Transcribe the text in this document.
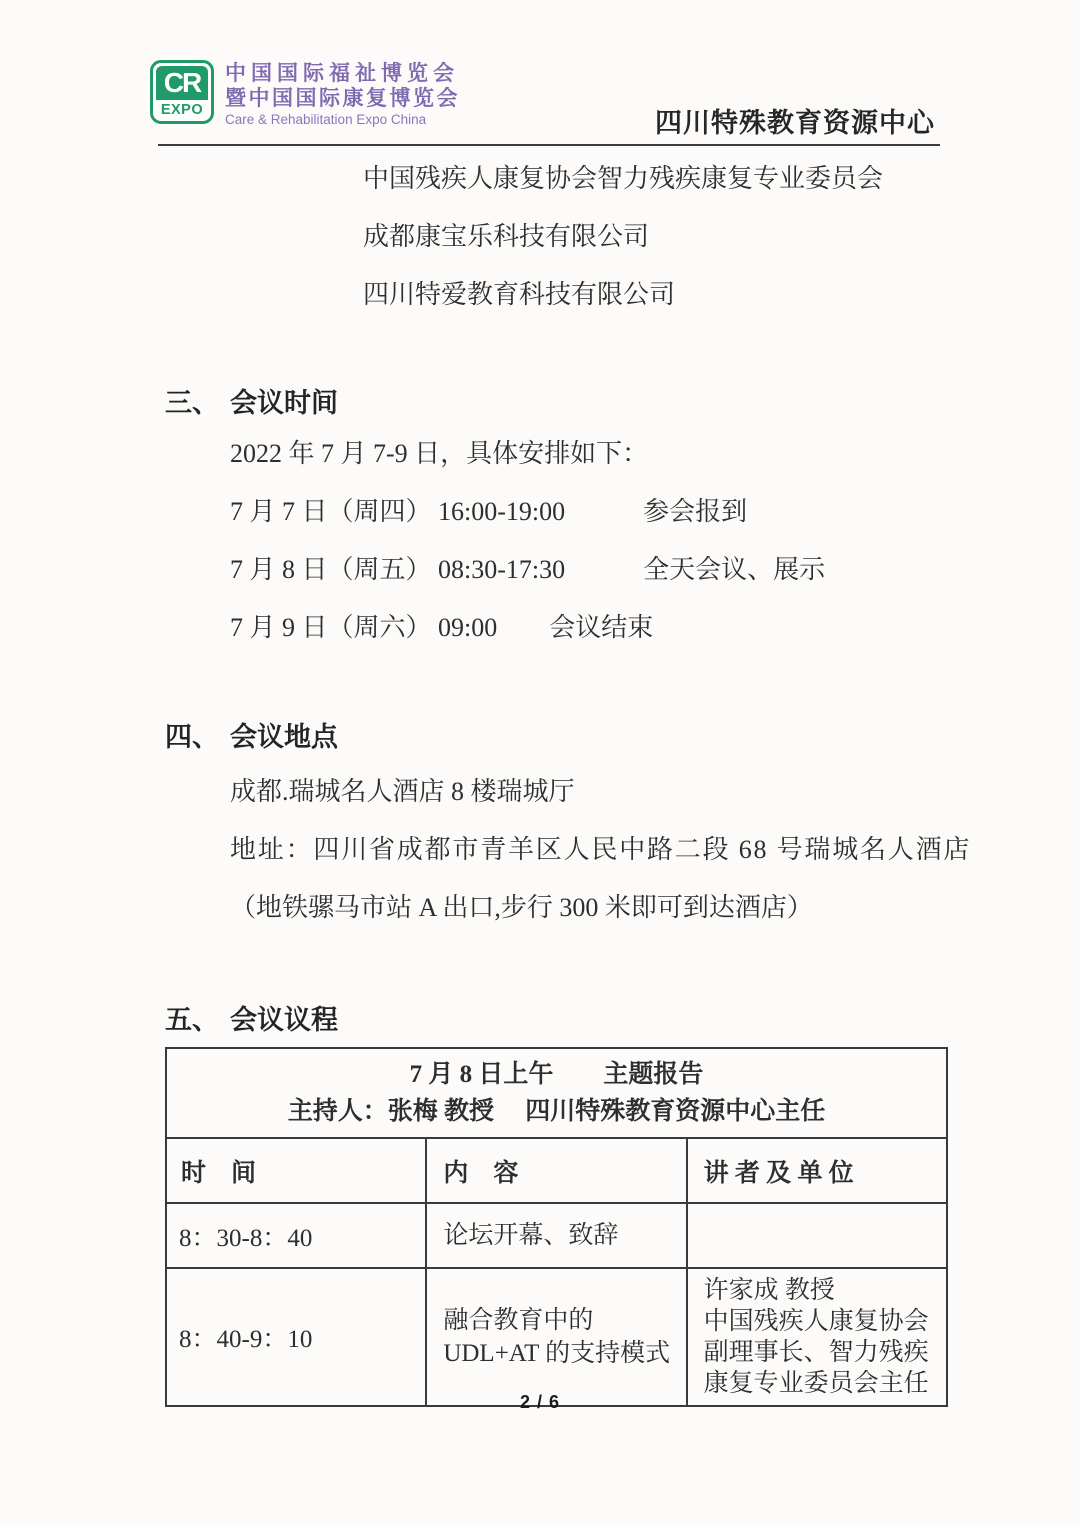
CR
EXPO
中国国际福祉博览会
暨中国国际康复博览会
Care & Rehabilitation Expo China	四川特殊教育资源中心
中国残疾人康复协会智力残疾康复专业委员会
成都康宝乐科技有限公司
四川特爱教育科技有限公司
三、 会议时间
2022 年 7 月 7-9 日，具体安排如下：
7 月 7 日（周四） 16:00-19:00　　　参会报到
7 月 8 日（周五） 08:30-17:30　　　全天会议、展示
7 月 9 日（周六） 09:00　　会议结束
四、 会议地点
成都.瑞城名人酒店 8 楼瑞城厅
地址：四川省成都市青羊区人民中路二段 68 号瑞城名人酒店
（地铁骡马市站 A 出口,步行 300 米即可到达酒店）
五、 会议议程
7 月 8 日上午　　主题报告
主持人：张梅 教授　 四川特殊教育资源中心主任		

时　间	内　容	讲 者 及 单 位
8：30-8：40	论坛开幕、致辞	
8：40-9：10	融合教育中的 UDL+AT 的支持模式	许家成 教授
中国残疾人康复协会副理事长、智力残疾康复专业委员会主任
2 / 6
